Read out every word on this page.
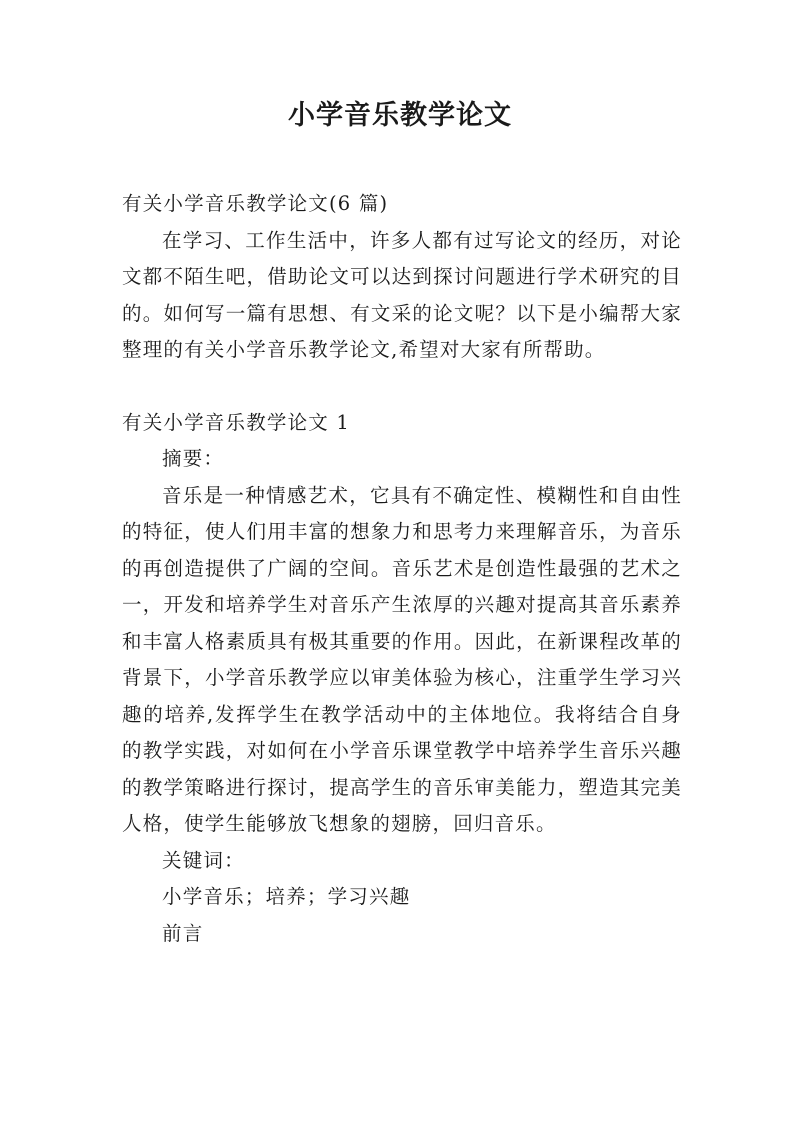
小学音乐教学论文

有关小学音乐教学论文(6 篇)

在学习、工作生活中，许多人都有过写论文的经历，对论文都不陌生吧，借助论文可以达到探讨问题进行学术研究的目的。如何写一篇有思想、有文采的论文呢？以下是小编帮大家整理的有关小学音乐教学论文,希望对大家有所帮助。

有关小学音乐教学论文 1

摘要：

音乐是一种情感艺术，它具有不确定性、模糊性和自由性的特征，使人们用丰富的想象力和思考力来理解音乐，为音乐的再创造提供了广阔的空间。音乐艺术是创造性最强的艺术之一，开发和培养学生对音乐产生浓厚的兴趣对提高其音乐素养和丰富人格素质具有极其重要的作用。因此，在新课程改革的背景下，小学音乐教学应以审美体验为核心，注重学生学习兴趣的培养,发挥学生在教学活动中的主体地位。我将结合自身的教学实践，对如何在小学音乐课堂教学中培养学生音乐兴趣的教学策略进行探讨，提高学生的音乐审美能力，塑造其完美人格，使学生能够放飞想象的翅膀，回归音乐。

关键词：

小学音乐；培养；学习兴趣

前言
